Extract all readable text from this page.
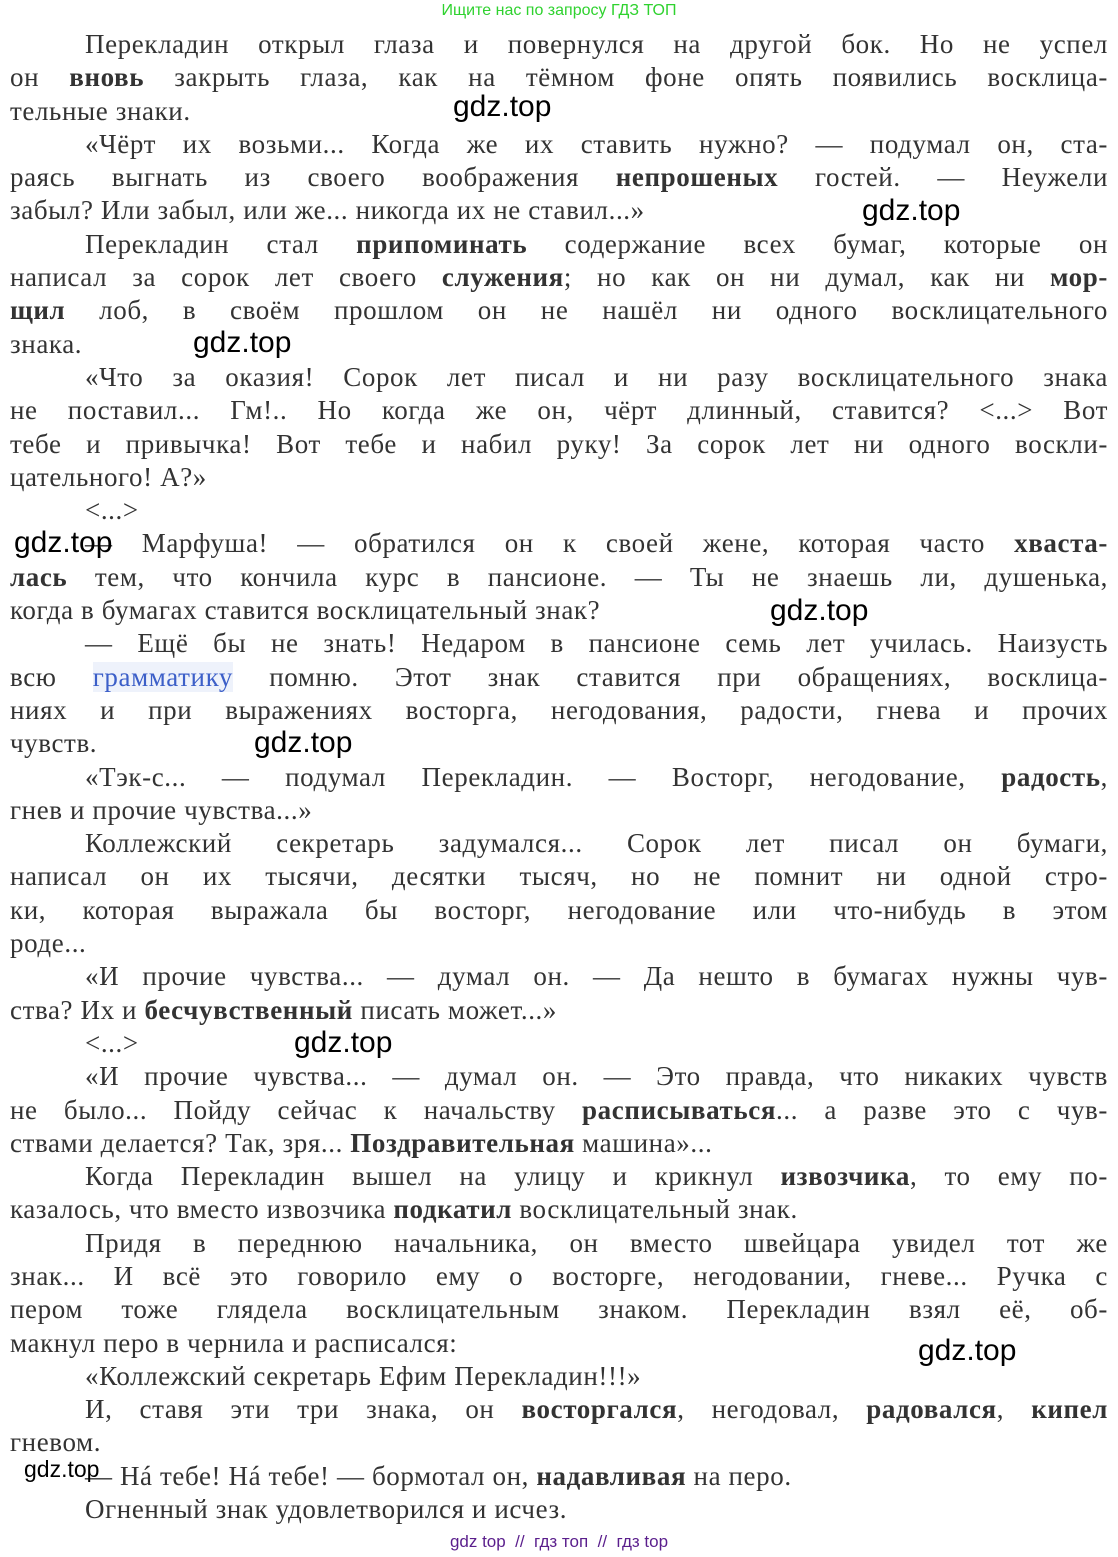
Ищите нас по запросу ГДЗ ТОП
Перекладин открыл глаза и повернулся на другой бок. Но не успел
он вновь закрыть глаза, как на тёмном фоне опять появились восклица-
тельные знаки.
«Чёрт их возьми... Когда же их ставить нужно? — подумал он, ста-
раясь выгнать из своего воображения непрошеных гостей. — Неужели
забыл? Или забыл, или же... никогда их не ставил...»
Перекладин стал припоминать содержание всех бумаг, которые он
написал за сорок лет своего служения; но как он ни думал, как ни мор-
щил лоб, в своём прошлом он не нашёл ни одного восклицательного
знака.
«Что за оказия! Сорок лет писал и ни разу восклицательного знака
не поставил... Гм!.. Но когда же он, чёрт длинный, ставится? <...> Вот
тебе и привычка! Вот тебе и набил руку! За сорок лет ни одного воскли-
цательного! А?»
<...>
— Марфуша! — обратился он к своей жене, которая часто хваста-
лась тем, что кончила курс в пансионе. — Ты не знаешь ли, душенька,
когда в бумагах ставится восклицательный знак?
— Ещё бы не знать! Недаром в пансионе семь лет училась. Наизусть
всю грамматику помню. Этот знак ставится при обращениях, восклица-
ниях и при выражениях восторга, негодования, радости, гнева и прочих
чувств.
«Тэк-с... — подумал Перекладин. — Восторг, негодование, радость,
гнев и прочие чувства...»
Коллежский секретарь задумался... Сорок лет писал он бумаги,
написал он их тысячи, десятки тысяч, но не помнит ни одной стро-
ки, которая выражала бы восторг, негодование или что-нибудь в этом
роде...
«И прочие чувства... — думал он. — Да нешто в бумагах нужны чув-
ства? Их и бесчувственный писать может...»
<...>
«И прочие чувства... — думал он. — Это правда, что никаких чувств
не было... Пойду сейчас к начальству расписываться... а разве это с чув-
ствами делается? Так, зря... Поздравительная машина»...
Когда Перекладин вышел на улицу и крикнул извозчика, то ему по-
казалось, что вместо извозчика подкатил восклицательный знак.
Придя в переднюю начальника, он вместо швейцара увидел тот же
знак... И всё это говорило ему о восторге, негодовании, гневе... Ручка с
пером тоже глядела восклицательным знаком. Перекладин взял её, об-
макнул перо в чернила и расписался:
«Коллежский секретарь Ефим Перекладин!!!»
И, ставя эти три знака, он восторгался, негодовал, радовался, кипел
гневом.
— Нá тебе! Нá тебе! — бормотал он, надавливая на перо.
Огненный знак удовлетворился и исчез.
gdz.top
gdz.top
gdz.top
gdz.top
gdz.top
gdz.top
gdz.top
gdz.top
gdz.top
gdz top  //  гдз топ  //  гдз top
